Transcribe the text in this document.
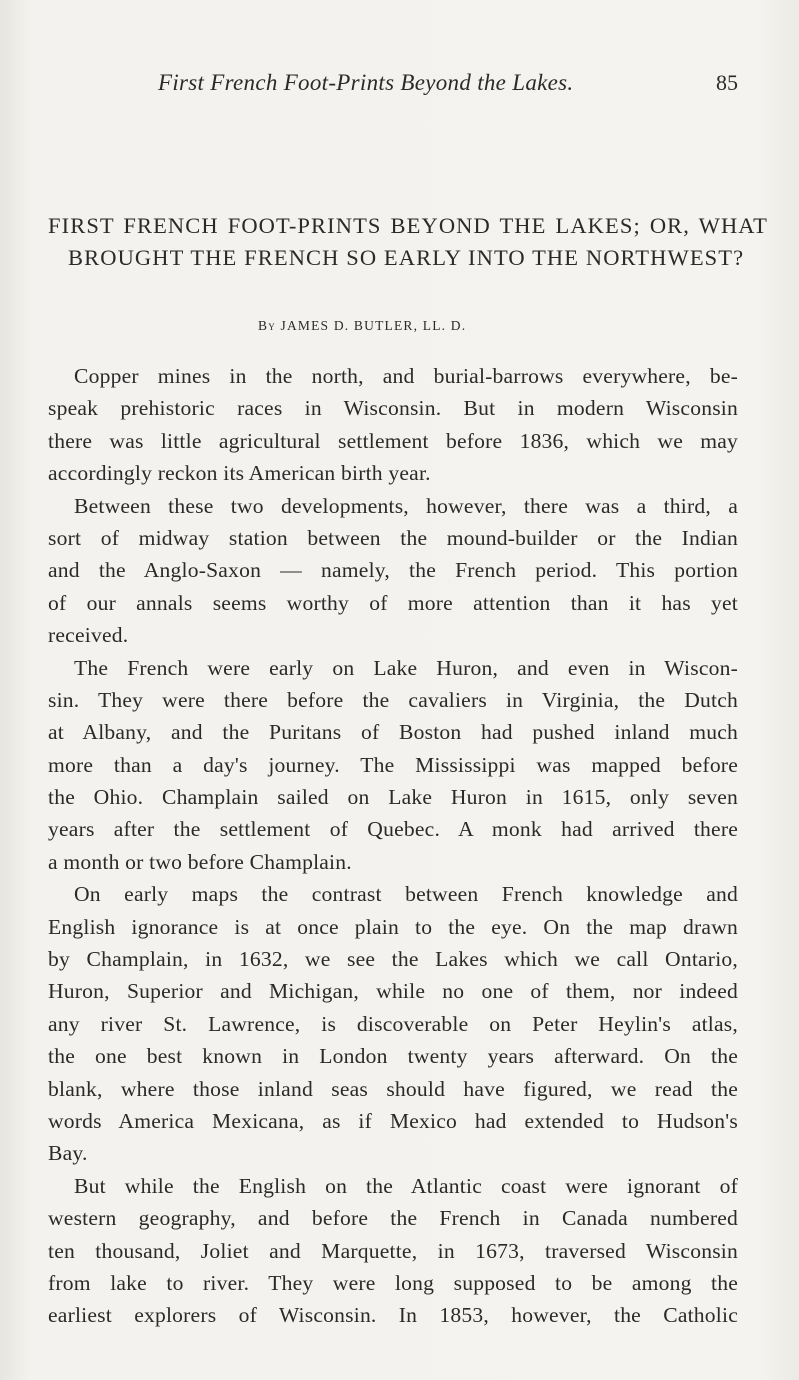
First French Foot-Prints Beyond the Lakes.	85
FIRST FRENCH FOOT-PRINTS BEYOND THE LAKES; OR, WHAT BROUGHT THE FRENCH SO EARLY INTO THE NORTHWEST?
By JAMES D. BUTLER, LL. D.
Copper mines in the north, and burial-barrows everywhere, be-
speak prehistoric races in Wisconsin. But in modern Wisconsin
there was little agricultural settlement before 1836, which we may
accordingly reckon its American birth year.
Between these two developments, however, there was a third, a
sort of midway station between the mound-builder or the Indian
and the Anglo-Saxon — namely, the French period. This portion
of our annals seems worthy of more attention than it has yet
received.
The French were early on Lake Huron, and even in Wiscon-
sin. They were there before the cavaliers in Virginia, the Dutch
at Albany, and the Puritans of Boston had pushed inland much
more than a day's journey. The Mississippi was mapped before
the Ohio. Champlain sailed on Lake Huron in 1615, only seven
years after the settlement of Quebec. A monk had arrived there
a month or two before Champlain.
On early maps the contrast between French knowledge and
English ignorance is at once plain to the eye. On the map drawn
by Champlain, in 1632, we see the Lakes which we call Ontario,
Huron, Superior and Michigan, while no one of them, nor indeed
any river St. Lawrence, is discoverable on Peter Heylin's atlas,
the one best known in London twenty years afterward. On the
blank, where those inland seas should have figured, we read the
words America Mexicana, as if Mexico had extended to Hudson's
Bay.
But while the English on the Atlantic coast were ignorant of
western geography, and before the French in Canada numbered
ten thousand, Joliet and Marquette, in 1673, traversed Wisconsin
from lake to river. They were long supposed to be among the
earliest explorers of Wisconsin. In 1853, however, the Catholic
